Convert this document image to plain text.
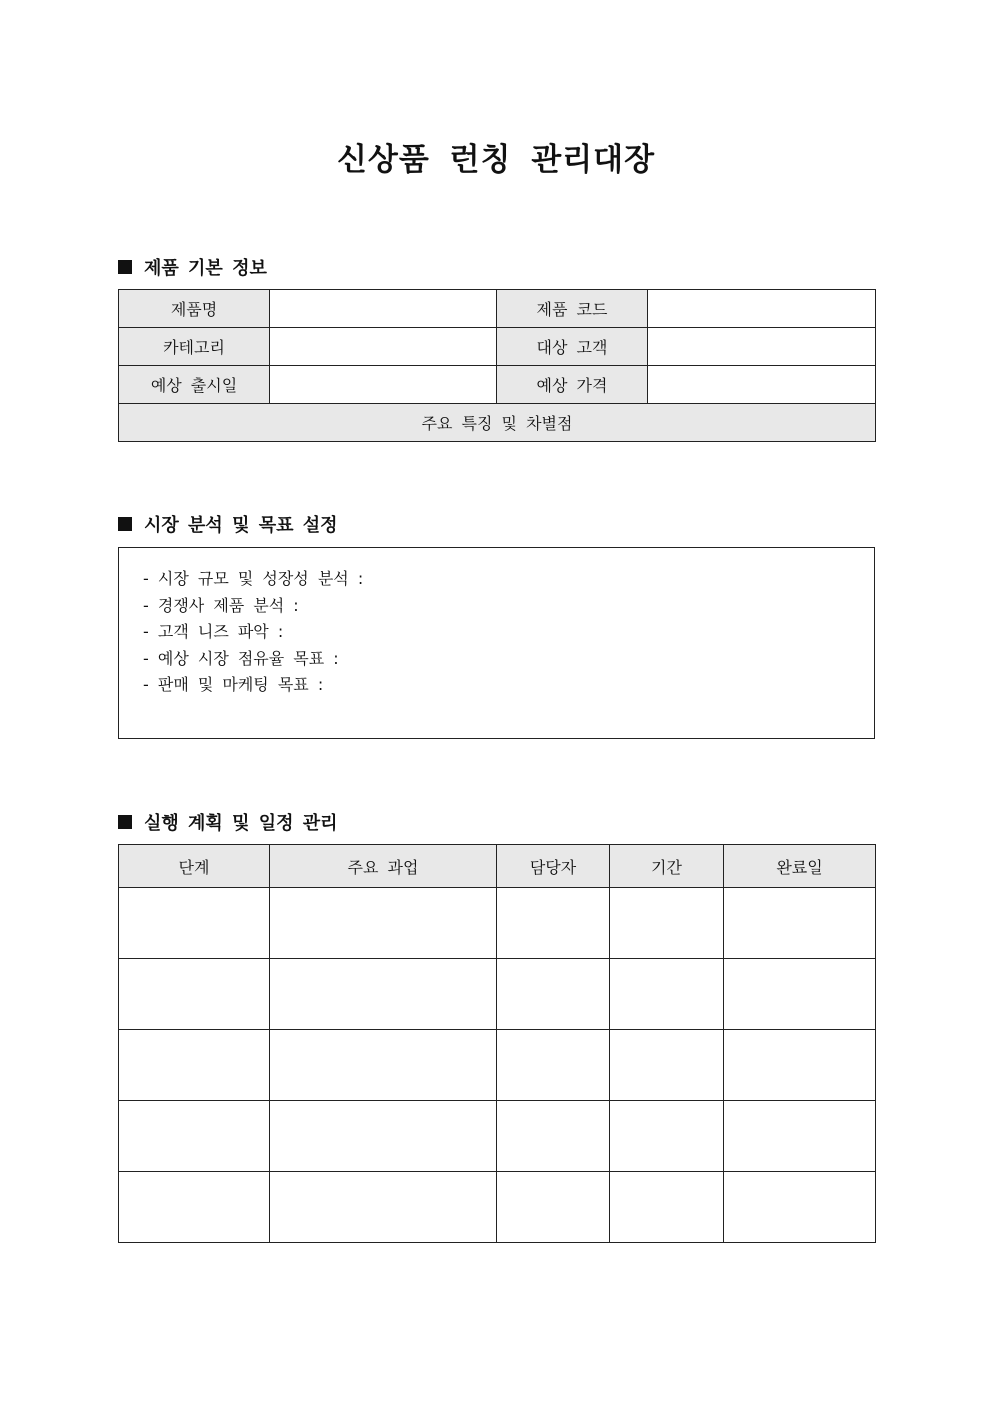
신상품 런칭 관리대장
제품 기본 정보
제품명		제품 코드	
카테고리		대상 고객	
예상 출시일		예상 가격	
주요 특징 및 차별점			
시장 분석 및 목표 설정
- 시장 규모 및 성장성 분석 :
- 경쟁사 제품 분석 :
- 고객 니즈 파악 :
- 예상 시장 점유율 목표 :
- 판매 및 마케팅 목표 :
실행 계획 및 일정 관리
단계	주요 과업	담당자	기간	완료일
